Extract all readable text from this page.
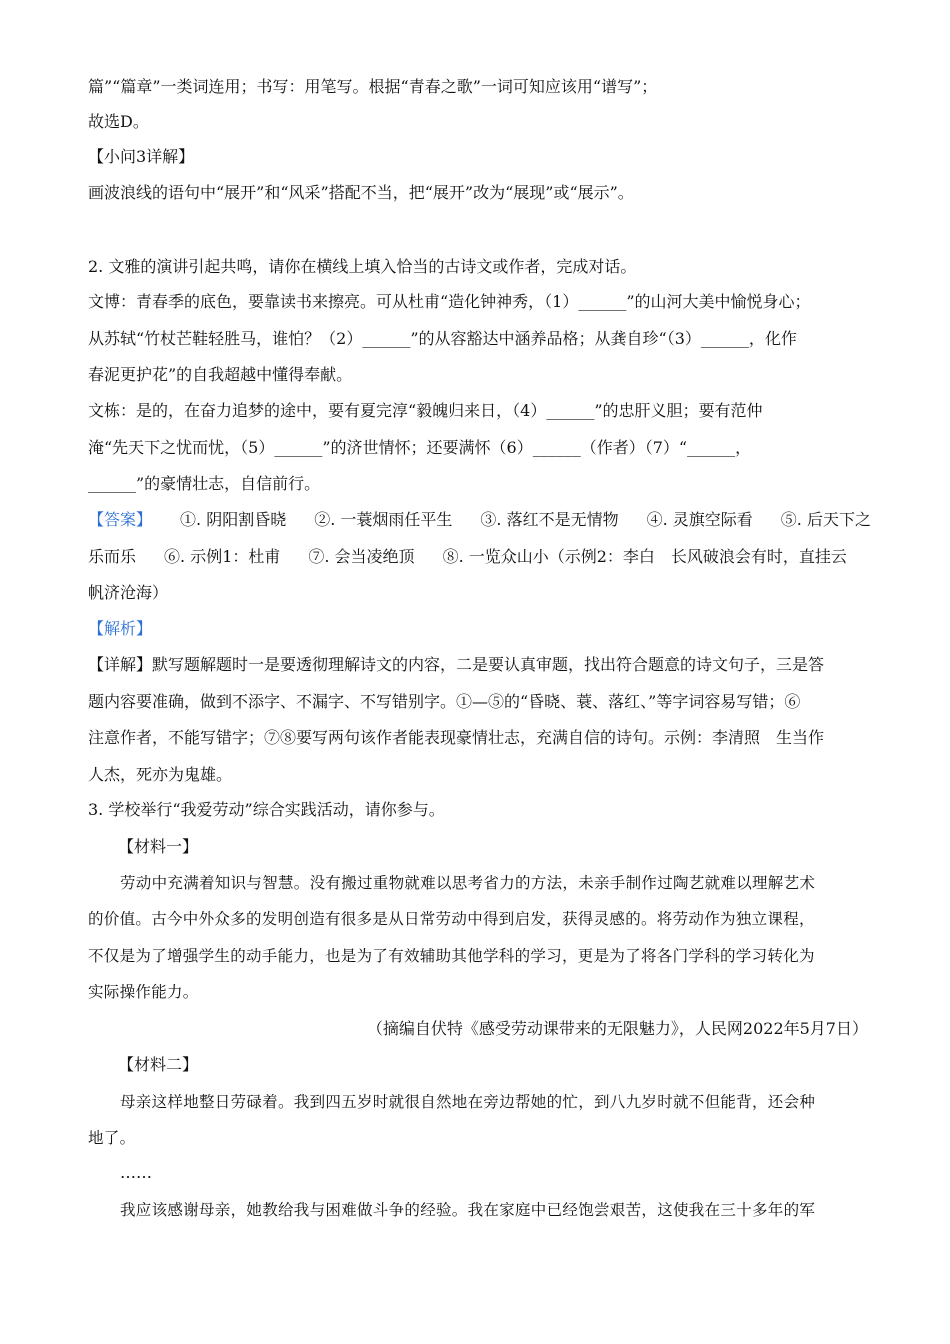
篇”“篇章”一类词连用；书写：用笔写。根据“青春之歌”一词可知应该用“谱写”；
故选D。
【小问3详解】
画波浪线的语句中“展开”和“风采”搭配不当，把“展开”改为“展现”或“展示”。
2. 文雅的演讲引起共鸣，请你在横线上填入恰当的古诗文或作者，完成对话。
文博：青春季的底色，要靠读书来擦亮。可从杜甫“造化钟神秀，（1）______”的山河大美中愉悦身心；
从苏轼“竹杖芒鞋轻胜马，谁怕？（2）______”的从容豁达中涵养品格；从龚自珍“（3）______，化作
春泥更护花”的自我超越中懂得奉献。
文栋：是的，在奋力追梦的途中，要有夏完淳“毅魄归来日，（4）______”的忠肝义胆；要有范仲
淹“先天下之忧而忧，（5）______”的济世情怀；还要满怀（6）______（作者）（7）“______，
______”的豪情壮志，自信前行。
【答案】 ①. 阴阳割昏晓 ②. 一蓑烟雨任平生 ③. 落红不是无情物 ④. 灵旗空际看 ⑤. 后天下之
乐而乐 ⑥. 示例1：杜甫 ⑦. 会当凌绝顶 ⑧. 一览众山小（示例2：李白　长风破浪会有时，直挂云
帆济沧海）
【解析】
【详解】默写题解题时一是要透彻理解诗文的内容，二是要认真审题，找出符合题意的诗文句子，三是答
题内容要准确，做到不添字、不漏字、不写错别字。①—⑤的“昏晓、蓑、落红、”等字词容易写错；⑥
注意作者，不能写错字；⑦⑧要写两句该作者能表现豪情壮志，充满自信的诗句。示例：李清照　生当作
人杰，死亦为鬼雄。
3. 学校举行“我爱劳动”综合实践活动，请你参与。
【材料一】
劳动中充满着知识与智慧。没有搬过重物就难以思考省力的方法，未亲手制作过陶艺就难以理解艺术
的价值。古今中外众多的发明创造有很多是从日常劳动中得到启发，获得灵感的。将劳动作为独立课程，
不仅是为了增强学生的动手能力，也是为了有效辅助其他学科的学习，更是为了将各门学科的学习转化为
实际操作能力。
（摘编自伏特《感受劳动课带来的无限魅力》，人民网2022年5月7日）
【材料二】
母亲这样地整日劳碌着。我到四五岁时就很自然地在旁边帮她的忙，到八九岁时就不但能背，还会种
地了。
……
我应该感谢母亲，她教给我与困难做斗争的经验。我在家庭中已经饱尝艰苦，这使我在三十多年的军
